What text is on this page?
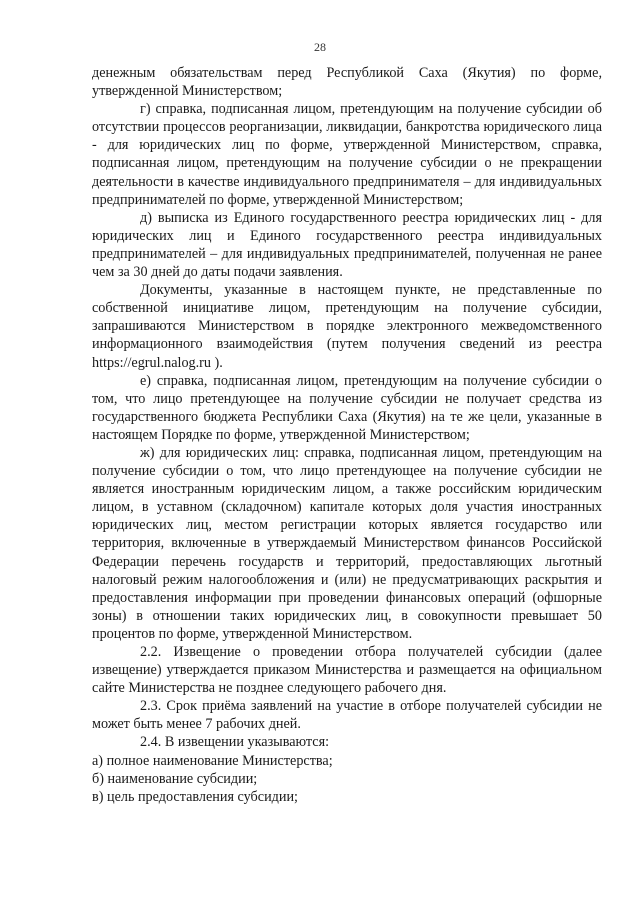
28

денежным обязательствам перед Республикой Саха (Якутия) по форме, утвержденной Министерством;

г) справка, подписанная лицом, претендующим на получение субсидии об отсутствии процессов реорганизации, ликвидации, банкротства юридического лица - для юридических лиц по форме, утвержденной Министерством, справка, подписанная лицом, претендующим на получение субсидии о не прекращении деятельности в качестве индивидуального предпринимателя – для индивидуальных предпринимателей по форме, утвержденной Министерством;

д) выписка из Единого государственного реестра юридических лиц - для юридических лиц и Единого государственного реестра индивидуальных предпринимателей – для индивидуальных предпринимателей, полученная не ранее чем за 30 дней до даты подачи заявления.

Документы, указанные в настоящем пункте, не представленные по собственной инициативе лицом, претендующим на получение субсидии, запрашиваются Министерством в порядке электронного межведомственного информационного взаимодействия (путем получения сведений из реестра https://egrul.nalog.ru ).

е) справка, подписанная лицом, претендующим на получение субсидии о том, что лицо претендующее на получение субсидии не получает средства из государственного бюджета Республики Саха (Якутия) на те же цели, указанные в настоящем Порядке по форме, утвержденной Министерством;

ж) для юридических лиц: справка, подписанная лицом, претендующим на получение субсидии о том, что лицо претендующее на получение субсидии не является иностранным юридическим лицом, а также российским юридическим лицом, в уставном (складочном) капитале которых доля участия иностранных юридических лиц, местом регистрации которых является государство или территория, включенные в утверждаемый Министерством финансов Российской Федерации перечень государств и территорий, предоставляющих льготный налоговый режим налогообложения и (или) не предусматривающих раскрытия и предоставления информации при проведении финансовых операций (офшорные зоны) в отношении таких юридических лиц, в совокупности превышает 50 процентов по форме, утвержденной Министерством.

2.2. Извещение о проведении отбора получателей субсидии (далее извещение) утверждается приказом Министерства и размещается на официальном сайте Министерства не позднее следующего рабочего дня.

2.3. Срок приёма заявлений на участие в отборе получателей субсидии не может быть менее 7 рабочих дней.

2.4. В извещении указываются:

а) полное наименование Министерства;

б) наименование субсидии;

в) цель предоставления субсидии;
